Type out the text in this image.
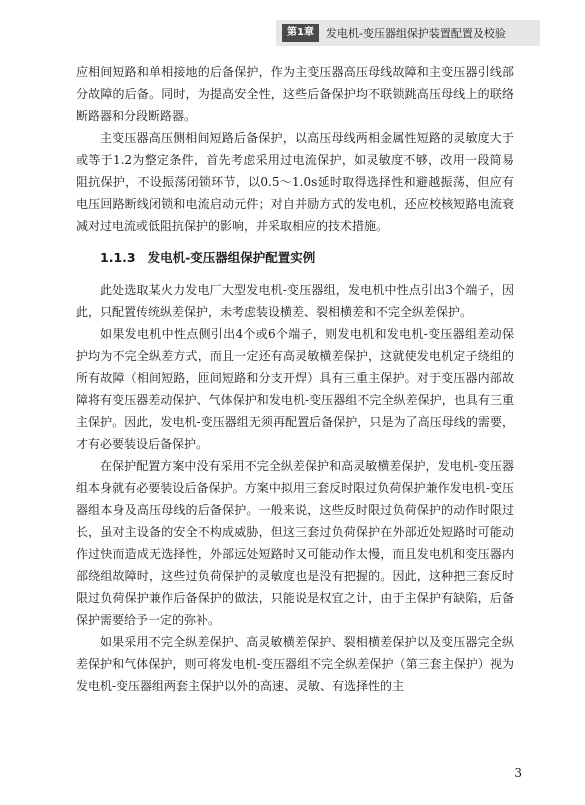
第1章	发电机-变压器组保护装置配置及校验

应相间短路和单相接地的后备保护，作为主变压器高压母线故障和主变压器引线部分故障的后备。同时，为提高安全性，这些后备保护均不联锁跳高压母线上的联络断路器和分段断路器。

主变压器高压侧相间短路后备保护，以高压母线两相金属性短路的灵敏度大于或等于1.2为整定条件，首先考虑采用过电流保护，如灵敏度不够，改用一段简易阻抗保护，不设振荡闭锁环节，以0.5～1.0s延时取得选择性和避越振荡，但应有电压回路断线闭锁和电流启动元件；对自并励方式的发电机，还应校核短路电流衰减对过电流或低阻抗保护的影响，并采取相应的技术措施。

1.1.3 发电机-变压器组保护配置实例

此处选取某火力发电厂大型发电机-变压器组，发电机中性点引出3个端子，因此，只配置传统纵差保护，未考虑装设横差、裂相横差和不完全纵差保护。

如果发电机中性点侧引出4个或6个端子，则发电机和发电机-变压器组差动保护均为不完全纵差方式，而且一定还有高灵敏横差保护，这就使发电机定子绕组的所有故障（相间短路，匝间短路和分支开焊）具有三重主保护。对于变压器内部故障将有变压器差动保护、气体保护和发电机-变压器组不完全纵差保护，也具有三重主保护。因此，发电机-变压器组无须再配置后备保护，只是为了高压母线的需要，才有必要装设后备保护。

在保护配置方案中没有采用不完全纵差保护和高灵敏横差保护，发电机-变压器组本身就有必要装设后备保护。方案中拟用三套反时限过负荷保护兼作发电机-变压器组本身及高压母线的后备保护。一般来说，这些反时限过负荷保护的动作时限过长，虽对主设备的安全不构成威胁，但这三套过负荷保护在外部近处短路时可能动作过快而造成无选择性，外部远处短路时又可能动作太慢，而且发电机和变压器内部绕组故障时，这些过负荷保护的灵敏度也是没有把握的。因此，这种把三套反时限过负荷保护兼作后备保护的做法，只能说是权宜之计，由于主保护有缺陷，后备保护需要给予一定的弥补。

如果采用不完全纵差保护、高灵敏横差保护、裂相横差保护以及变压器完全纵差保护和气体保护，则可将发电机-变压器组不完全纵差保护（第三套主保护）视为发电机-变压器组两套主保护以外的高速、灵敏、有选择性的主

3
